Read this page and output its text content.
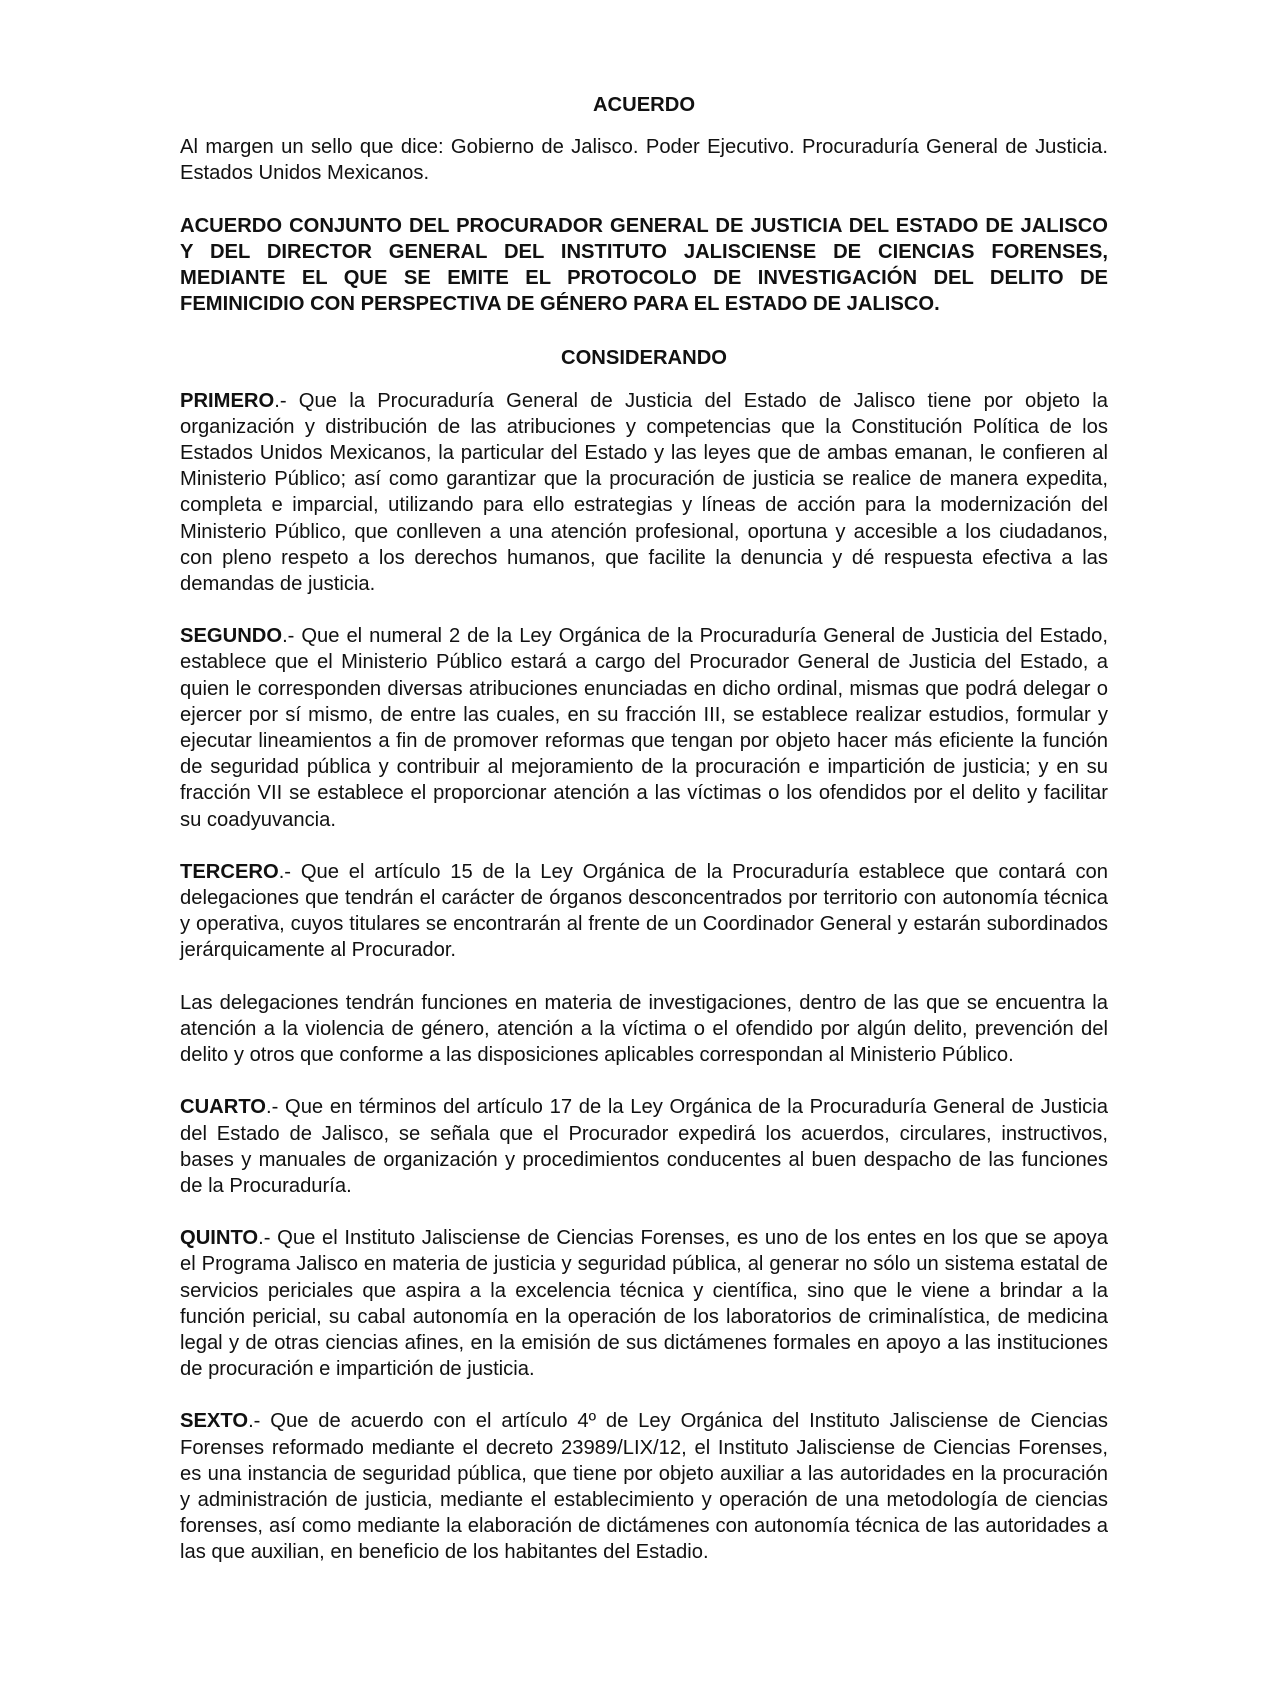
ACUERDO

Al margen un sello que dice: Gobierno de Jalisco. Poder Ejecutivo. Procuraduría General de Justicia. Estados Unidos Mexicanos.

ACUERDO CONJUNTO DEL PROCURADOR GENERAL DE JUSTICIA DEL ESTADO DE JALISCO Y DEL DIRECTOR GENERAL DEL INSTITUTO JALISCIENSE DE CIENCIAS FORENSES, MEDIANTE EL QUE SE EMITE EL PROTOCOLO DE INVESTIGACIÓN DEL DELITO DE FEMINICIDIO CON PERSPECTIVA DE GÉNERO PARA EL ESTADO DE JALISCO.
CONSIDERANDO

PRIMERO.- Que la Procuraduría General de Justicia del Estado de Jalisco tiene por objeto la organización y distribución de las atribuciones y competencias que la Constitución Política de los Estados Unidos Mexicanos, la particular del Estado y las leyes que de ambas emanan, le confieren al Ministerio Público; así como garantizar que la procuración de justicia se realice de manera expedita, completa e imparcial, utilizando para ello estrategias y líneas de acción para la modernización del Ministerio Público, que conlleven a una atención profesional, oportuna y accesible a los ciudadanos, con pleno respeto a los derechos humanos, que facilite la denuncia y dé respuesta efectiva a las demandas de justicia.

SEGUNDO.- Que el numeral 2 de la Ley Orgánica de la Procuraduría General de Justicia del Estado, establece que el Ministerio Público estará a cargo del Procurador General de Justicia del Estado, a quien le corresponden diversas atribuciones enunciadas en dicho ordinal, mismas que podrá delegar o ejercer por sí mismo, de entre las cuales, en su fracción III, se establece realizar estudios, formular y ejecutar lineamientos a fin de promover reformas que tengan por objeto hacer más eficiente la función de seguridad pública y contribuir al mejoramiento de la procuración e impartición de justicia; y en su fracción VII se establece el proporcionar atención a las víctimas o los ofendidos por el delito y facilitar su coadyuvancia.

TERCERO.- Que el artículo 15 de la Ley Orgánica de la Procuraduría establece que contará con delegaciones que tendrán el carácter de órganos desconcentrados por territorio con autonomía técnica y operativa, cuyos titulares se encontrarán al frente de un Coordinador General y estarán subordinados jerárquicamente al Procurador.

Las delegaciones tendrán funciones en materia de investigaciones, dentro de las que se encuentra la atención a la violencia de género, atención a la víctima o el ofendido por algún delito, prevención del delito y otros que conforme a las disposiciones aplicables correspondan al Ministerio Público.

CUARTO.- Que en términos del artículo 17 de la Ley Orgánica de la Procuraduría General de Justicia del Estado de Jalisco, se señala que el Procurador expedirá los acuerdos, circulares, instructivos, bases y manuales de organización y procedimientos conducentes al buen despacho de las funciones de la Procuraduría.

QUINTO.- Que el Instituto Jalisciense de Ciencias Forenses, es uno de los entes en los que se apoya el Programa Jalisco en materia de justicia y seguridad pública, al generar no sólo un sistema estatal de servicios periciales que aspira a la excelencia técnica y científica, sino que le viene a brindar a la función pericial, su cabal autonomía en la operación de los laboratorios de criminalística, de medicina legal y de otras ciencias afines, en la emisión de sus dictámenes formales en apoyo a las instituciones de procuración e impartición de justicia.

SEXTO.- Que de acuerdo con el artículo 4º de Ley Orgánica del Instituto Jalisciense de Ciencias Forenses reformado mediante el decreto 23989/LIX/12, el Instituto Jalisciense de Ciencias Forenses, es una instancia de seguridad pública, que tiene por objeto auxiliar a las autoridades en la procuración y administración de justicia, mediante el establecimiento y operación de una metodología de ciencias forenses, así como mediante la elaboración de dictámenes con autonomía técnica de las autoridades a las que auxilian, en beneficio de los habitantes del Estadio.
